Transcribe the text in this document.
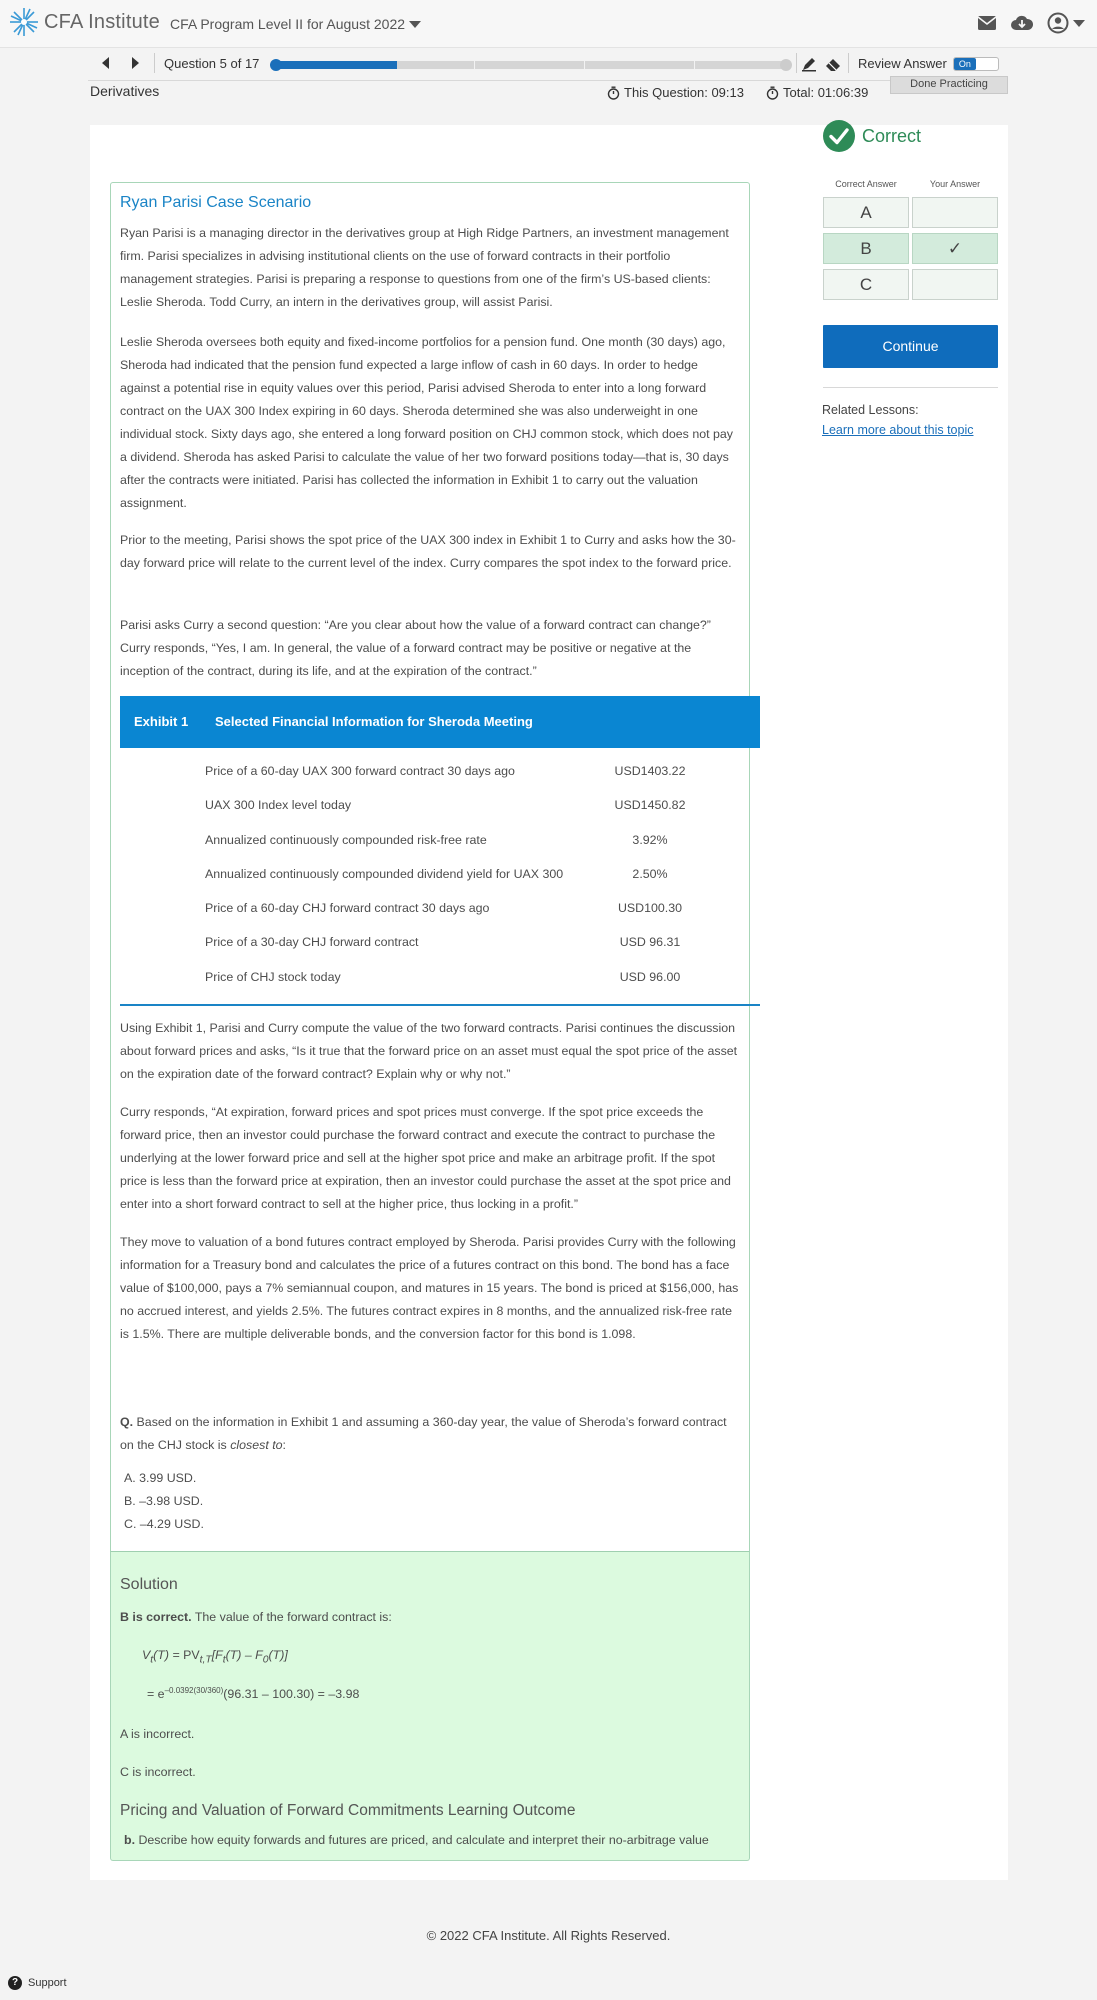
CFA Institute CFA Program Level II for August 2022
Question 5 of 17	Review Answer	On
Derivatives	This Question:
09:13	Total:
01:06:39
Done Practicing
Ryan Parisi Case Scenario

Ryan Parisi is a managing director in the derivatives group at High Ridge Partners, an investment management firm. Parisi specializes in advising institutional clients on the use of forward contracts in their portfolio management strategies. Parisi is preparing a response to questions from one of the firm’s US-based clients: Leslie Sheroda. Todd Curry, an intern in the derivatives group, will assist Parisi.

Leslie Sheroda oversees both equity and fixed-income portfolios for a pension fund. One month (30 days) ago, Sheroda had indicated that the pension fund expected a large inflow of cash in 60 days. In order to hedge against a potential rise in equity values over this period, Parisi advised Sheroda to enter into a long forward contract on the UAX 300 Index expiring in 60 days. Sheroda determined she was also underweight in one individual stock. Sixty days ago, she entered a long forward position on CHJ common stock, which does not pay a dividend. Sheroda has asked Parisi to calculate the value of her two forward positions today—that is, 30 days after the contracts were initiated. Parisi has collected the information in Exhibit 1 to carry out the valuation assignment.

Prior to the meeting, Parisi shows the spot price of the UAX 300 index in Exhibit 1 to Curry and asks how the 30-day forward price will relate to the current level of the index. Curry compares the spot index to the forward price.

Parisi asks Curry a second question: “Are you clear about how the value of a forward contract can change?” Curry responds, “Yes, I am. In general, the value of a forward contract may be positive or negative at the inception of the contract, during its life, and at the expiration of the contract.”

Exhibit 1 Selected Financial Information for Sheroda Meeting
Price of a 60-day UAX 300 forward contract 30 days ago	USD1403.22
UAX 300 Index level today	USD1450.82
Annualized continuously compounded risk-free rate	3.92%
Annualized continuously compounded dividend yield for UAX 300	2.50%
Price of a 60-day CHJ forward contract 30 days ago	USD100.30
Price of a 30-day CHJ forward contract	USD 96.31
Price of CHJ stock today	USD 96.00

Using Exhibit 1, Parisi and Curry compute the value of the two forward contracts. Parisi continues the discussion about forward prices and asks, “Is it true that the forward price on an asset must equal the spot price of the asset on the expiration date of the forward contract? Explain why or why not.”

Curry responds, “At expiration, forward prices and spot prices must converge. If the spot price exceeds the forward price, then an investor could purchase the forward contract and execute the contract to purchase the underlying at the lower forward price and sell at the higher spot price and make an arbitrage profit. If the spot price is less than the forward price at expiration, then an investor could purchase the asset at the spot price and enter into a short forward contract to sell at the higher price, thus locking in a profit.”

They move to valuation of a bond futures contract employed by Sheroda. Parisi provides Curry with the following information for a Treasury bond and calculates the price of a futures contract on this bond. The bond has a face value of $100,000, pays a 7% semiannual coupon, and matures in 15 years. The bond is priced at $156,000, has no accrued interest, and yields 2.5%. The futures contract expires in 8 months, and the annualized risk-free rate is 1.5%. There are multiple deliverable bonds, and the conversion factor for this bond is 1.098.

Q. Based on the information in Exhibit 1 and assuming a 360-day year, the value of Sheroda’s forward contract on the CHJ stock is closest to:

A. 3.99 USD.
B. –3.98 USD.
C. –4.29 USD.
Solution
B is correct. The value of the forward contract is:
$V_t(T) = PV_{t,T}[F_t(T) - F_0(T)]$
= $e^{-0.0392(30/360)}(96.31 - 100.30) = -3.98$
A is incorrect.
C is incorrect.
Pricing and Valuation of Forward Commitments Learning Outcome
b. Describe how equity forwards and futures are priced, and calculate and interpret their no-arbitrage value
Correct
Correct Answer	Your Answer
A
B	✓
C
Continue
Related Lessons:
Learn more about this topic
© 2022 CFA Institute. All Rights Reserved.
? Support
